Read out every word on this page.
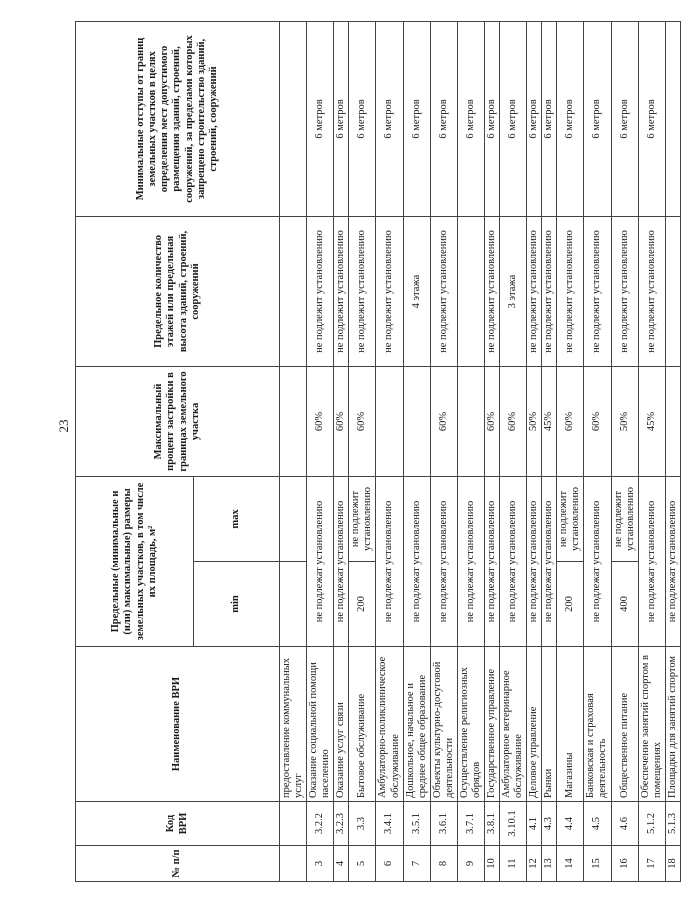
23
№ п/п	Код ВРИ	Наименование ВРИ	Предельные (минимальные и (или) максимальные) размеры земельных участков, в том числе их площадь, м²		Максимальный процент застройки в границах земельного участка	Предельное количество этажей или предельная высота зданий, строений, сооружений	Минимальные отступы от границ земельных участков в целях определения мест допустимого размещения зданий, строений, сооружений, за пределами которых запрещено строительство зданий, строений, сооружений
			min	max			
		предоставление коммунальных услуг					
3	3.2.2	Оказание социальной помощи населению	не подлежат установлению		60%	не подлежит установлению	6 метров
4	3.2.3	Оказание услуг связи	не подлежат установлению		60%	не подлежит установлению	6 метров
5	3.3	Бытовое обслуживание	200	не подлежит установлению	60%	не подлежит установлению	6 метров
6	3.4.1	Амбулаторно-поликлиническое обслуживание	не подлежат установлению			не подлежит установлению	6 метров
7	3.5.1	Дошкольное, начальное и среднее общее образование	не подлежат установлению			4 этажа	6 метров
8	3.6.1	Объекты культурно-досуговой деятельности	не подлежат установлению		60%	не подлежит установлению	6 метров
9	3.7.1	Осуществление религиозных обрядов	не подлежат установлению				6 метров
10	3.8.1	Государственное управление	не подлежат установлению		60%	не подлежит установлению	6 метров
11	3.10.1	Амбулаторное ветеринарное обслуживание	не подлежат установлению		60%	3 этажа	6 метров
12	4.1	Деловое управление	не подлежат установлению		50%	не подлежит установлению	6 метров
13	4.3	Рынки	не подлежат установлению		45%	не подлежит установлению	6 метров
14	4.4	Магазины	200	не подлежит установлению	60%	не подлежит установлению	6 метров
15	4.5	Банковская и страховая деятельность	не подлежат установлению		60%	не подлежит установлению	6 метров
16	4.6	Общественное питание	400	не подлежит установлению	50%	не подлежит установлению	6 метров
17	5.1.2	Обеспечение занятий спортом в помещениях	не подлежат установлению		45%	не подлежит установлению	6 метров
18	5.1.3	Площадки для занятий спортом	не подлежат установлению				
